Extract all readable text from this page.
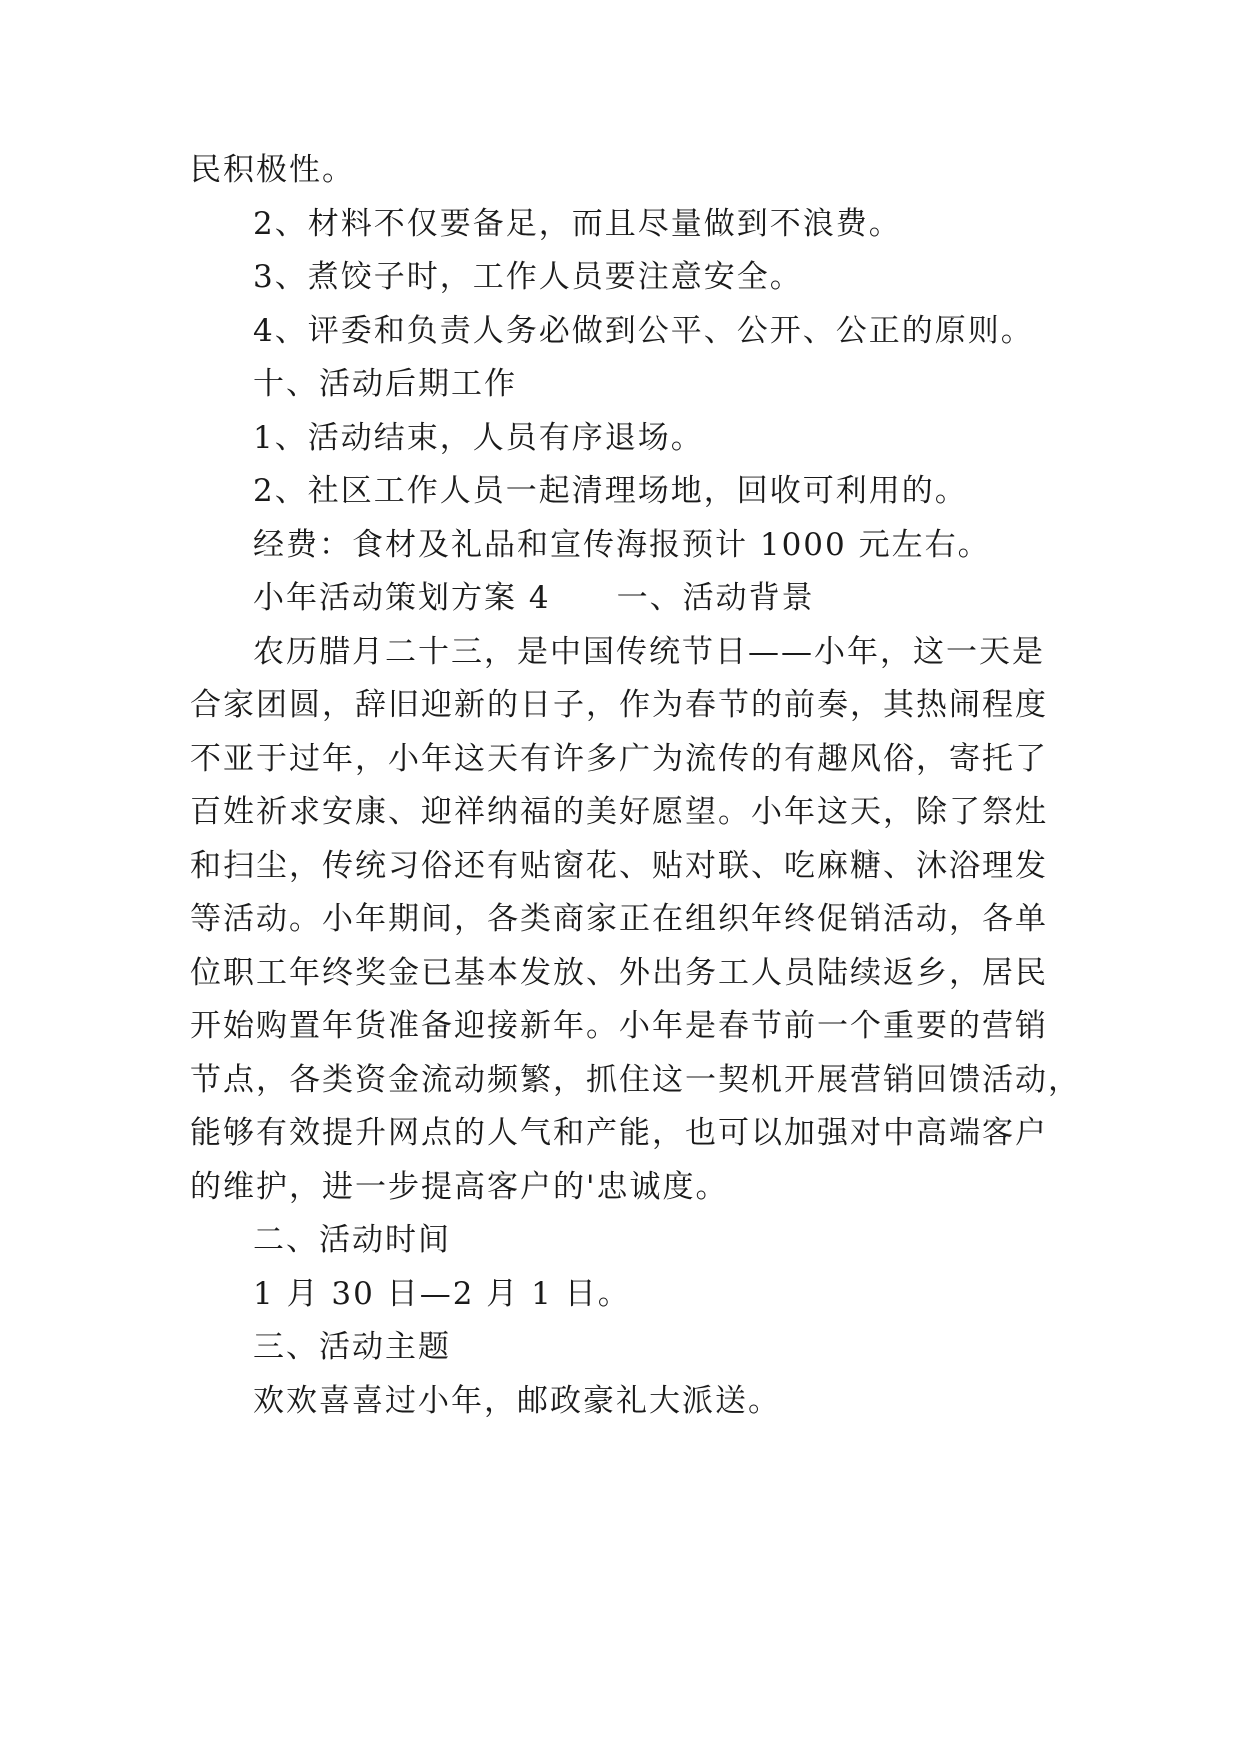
民积极性。
2、材料不仅要备足，而且尽量做到不浪费。
3、煮饺子时，工作人员要注意安全。
4、评委和负责人务必做到公平、公开、公正的原则。
十、活动后期工作
1、活动结束，人员有序退场。
2、社区工作人员一起清理场地，回收可利用的。
经费：食材及礼品和宣传海报预计 1000 元左右。
小年活动策划方案 4　　一、活动背景
农历腊月二十三，是中国传统节日——小年，这一天是
合家团圆，辞旧迎新的日子，作为春节的前奏，其热闹程度
不亚于过年，小年这天有许多广为流传的有趣风俗，寄托了
百姓祈求安康、迎祥纳福的美好愿望。小年这天，除了祭灶
和扫尘，传统习俗还有贴窗花、贴对联、吃麻糖、沐浴理发
等活动。小年期间，各类商家正在组织年终促销活动，各单
位职工年终奖金已基本发放、外出务工人员陆续返乡，居民
开始购置年货准备迎接新年。小年是春节前一个重要的营销
节点，各类资金流动频繁，抓住这一契机开展营销回馈活动，
能够有效提升网点的人气和产能，也可以加强对中高端客户
的维护，进一步提高客户的'忠诚度。
二、活动时间
1 月 30 日—2 月 1 日。
三、活动主题
欢欢喜喜过小年，邮政豪礼大派送。
